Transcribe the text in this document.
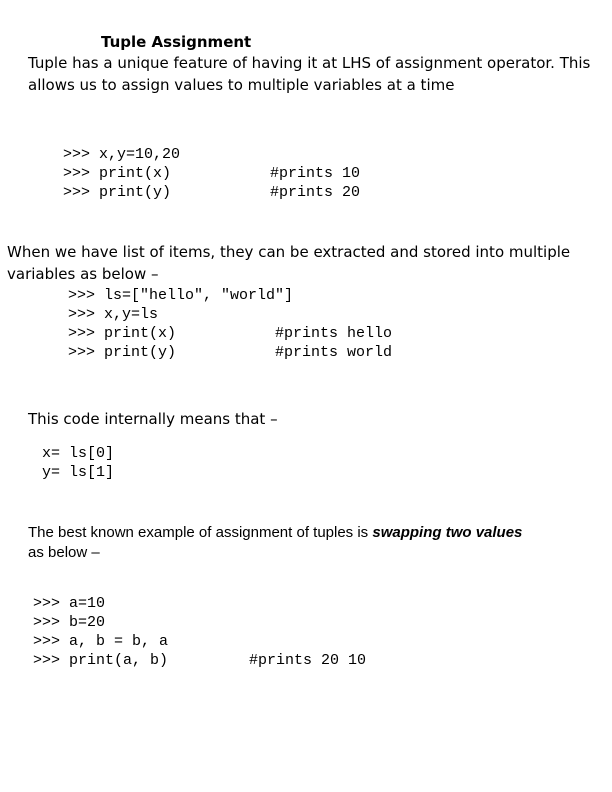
Tuple Assignment
Tuple has a unique feature of having it at LHS of assignment operator. This
allows us to assign values to multiple variables at a time
>>> x,y=10,20
>>> print(x)           #prints 10
>>> print(y)           #prints 20
When we have list of items, they can be extracted and stored into multiple
variables as below –
>>> ls=["hello", "world"]
>>> x,y=ls
>>> print(x)           #prints hello
>>> print(y)           #prints world
This code internally means that –
x= ls[0]
y= ls[1]
The best known example of assignment of tuples is swapping two values
as below –
>>> a=10
>>> b=20
>>> a, b = b, a
>>> print(a, b)         #prints 20 10
